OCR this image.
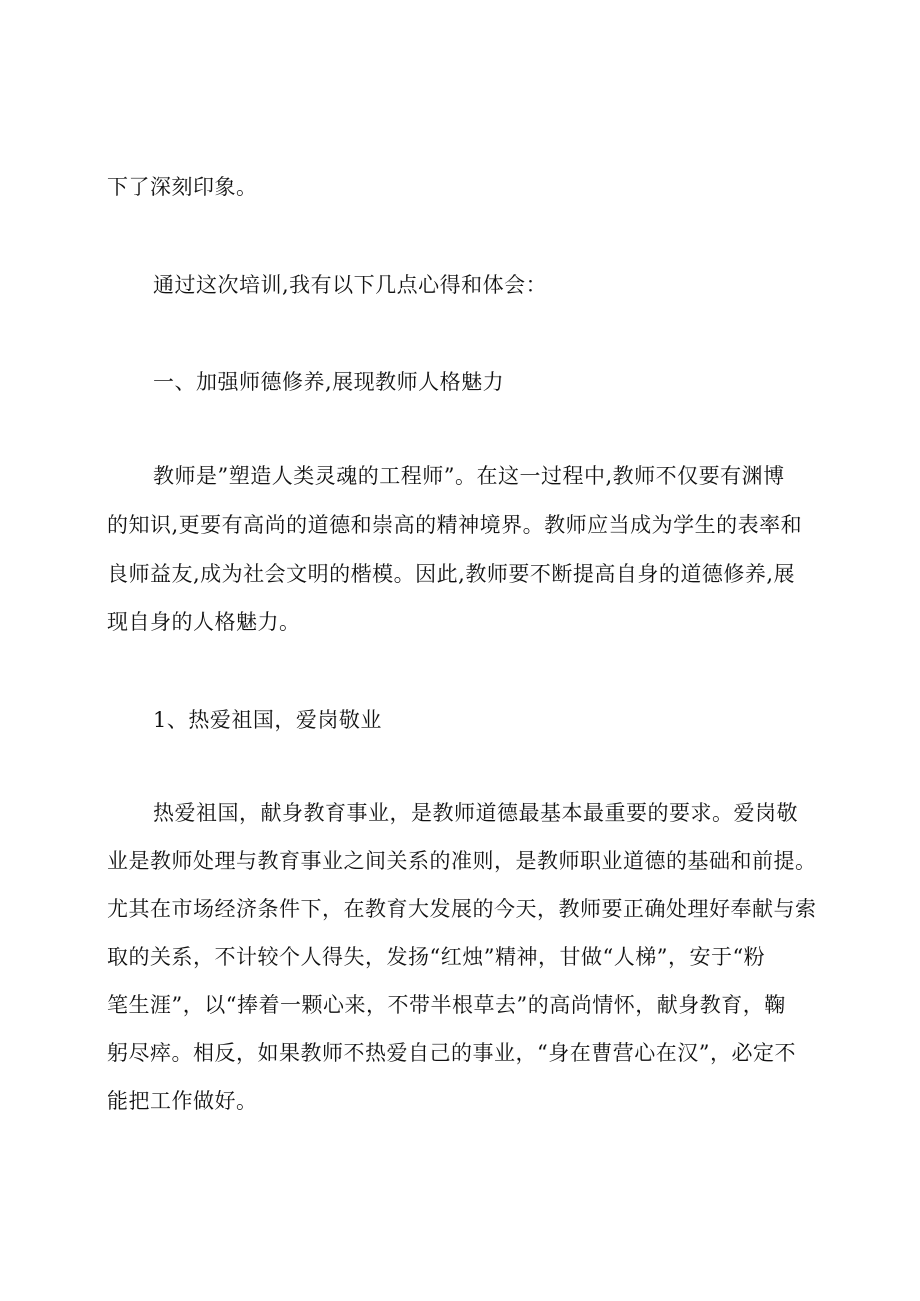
下了深刻印象。

通过这次培训,我有以下几点心得和体会：

一、加强师德修养,展现教师人格魅力

教师是”塑造人类灵魂的工程师”。在这一过程中,教师不仅要有渊博

的知识,更要有高尚的道德和崇高的精神境界。教师应当成为学生的表率和

良师益友,成为社会文明的楷模。因此,教师要不断提高自身的道德修养,展

现自身的人格魅力。

1、热爱祖国，爱岗敬业

热爱祖国，献身教育事业，是教师道德最基本最重要的要求。爱岗敬

业是教师处理与教育事业之间关系的准则，是教师职业道德的基础和前提。

尤其在市场经济条件下，在教育大发展的今天，教师要正确处理好奉献与索

取的关系，不计较个人得失，发扬“红烛”精神，甘做“人梯”，安于“粉

笔生涯”，以“捧着一颗心来，不带半根草去”的高尚情怀，献身教育，鞠

躬尽瘁。相反，如果教师不热爱自己的事业，“身在曹营心在汉”，必定不

能把工作做好。
